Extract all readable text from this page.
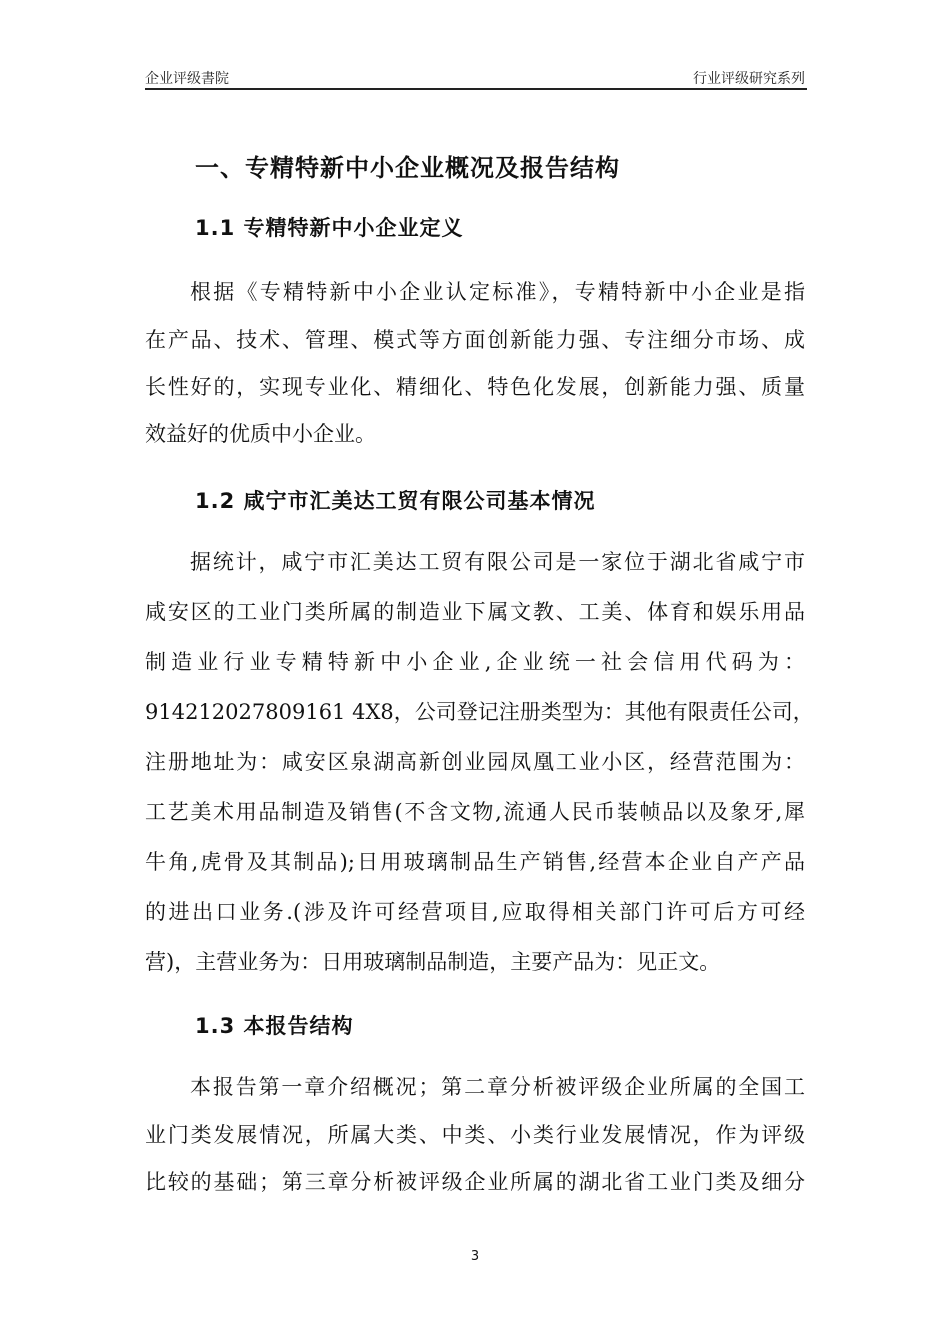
企业评级書院	行业评级研究系列
一、专精特新中小企业概况及报告结构
1.1 专精特新中小企业定义
根据《专精特新中小企业认定标准》，专精特新中小企业是指
在产品、技术、管理、模式等方面创新能力强、专注细分市场、成
长性好的，实现专业化、精细化、特色化发展，创新能力强、质量
效益好的优质中小企业。
1.2 咸宁市汇美达工贸有限公司基本情况
据统计，咸宁市汇美达工贸有限公司是一家位于湖北省咸宁市
咸安区的工业门类所属的制造业下属文教、工美、体育和娱乐用品
制造业行业专精特新中小企业,企业统一社会信用代码为：
914212027809161 4X8，公司登记注册类型为：其他有限责任公司，
注册地址为：咸安区泉湖高新创业园凤凰工业小区，经营范围为：
工艺美术用品制造及销售(不含文物,流通人民币装帧品以及象牙,犀
牛角,虎骨及其制品);日用玻璃制品生产销售,经营本企业自产产品
的进出口业务.(涉及许可经营项目,应取得相关部门许可后方可经
营)，主营业务为：日用玻璃制品制造，主要产品为：见正文。
1.3 本报告结构
本报告第一章介绍概况；第二章分析被评级企业所属的全国工
业门类发展情况，所属大类、中类、小类行业发展情况，作为评级
比较的基础；第三章分析被评级企业所属的湖北省工业门类及细分
3
